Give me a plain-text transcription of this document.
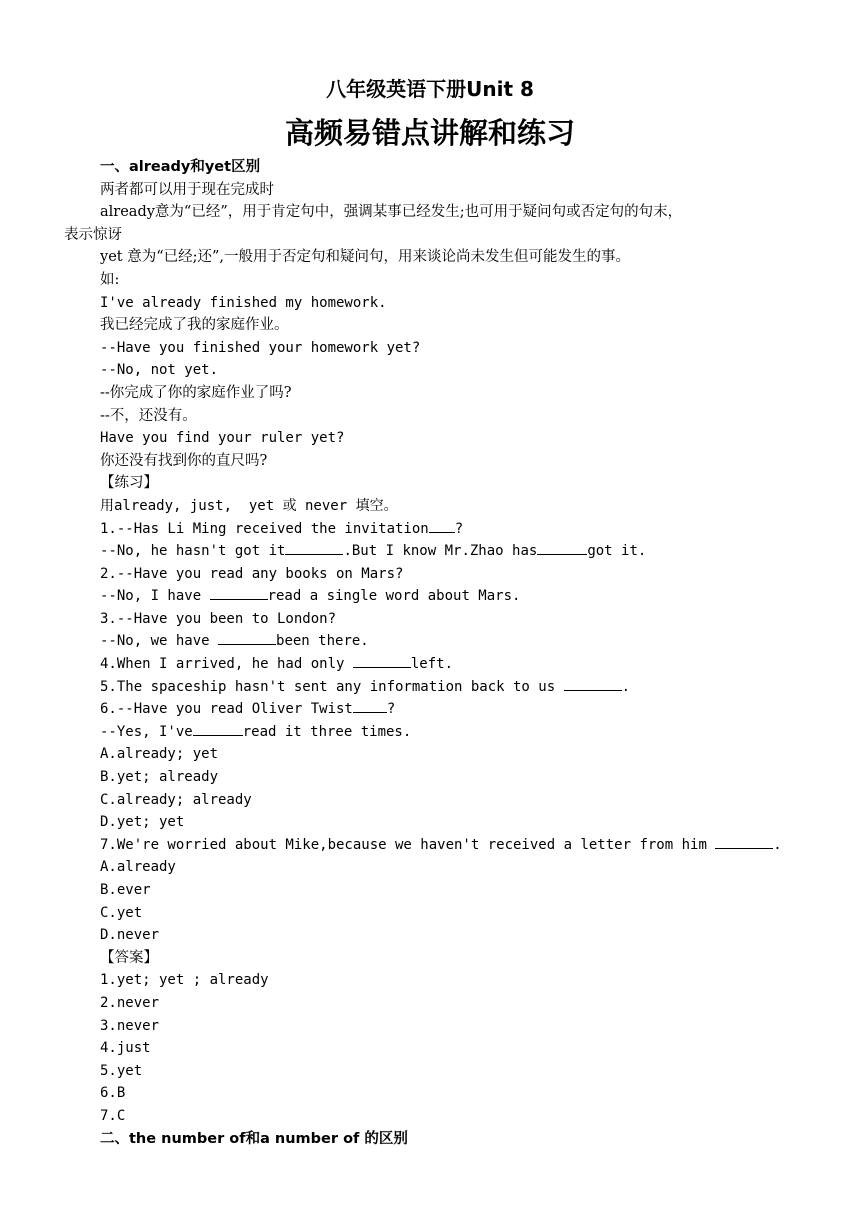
八年级英语下册Unit 8
高频易错点讲解和练习
一、already和yet区别
两者都可以用于现在完成时
already意为“已经”，用于肯定句中，强调某事已经发生;也可用于疑问句或否定句的句末，
表示惊讶
yet 意为“已经;还”,一般用于否定句和疑问句，用来谈论尚未发生但可能发生的事。
如:
I've already finished my homework.
我已经完成了我的家庭作业。
--Have you finished your homework yet?
--No, not yet.
--你完成了你的家庭作业了吗?
--不，还没有。
Have you find your ruler yet?
你还没有找到你的直尺吗?
【练习】
用already, just,  yet 或 never 填空。
1.--Has Li Ming received the invitation ?
--No, he hasn't got it	.But I know Mr.Zhao has	got it.
2.--Have you read any books on Mars?
--No, I have	read a single word about Mars.
3.--Have you been to London?
--No, we have	been there.
4.When I arrived, he had only	left.
5.The spaceship hasn't sent any information back to us	.
6.--Have you read Oliver Twist ?
--Yes, I've	read it three times.
A.already; yet
B.yet; already
C.already; already
D.yet; yet
7.We're worried about Mike,because we haven't received a letter from him	.
A.already
B.ever
C.yet
D.never
【答案】
1.yet; yet ; already
2.never
3.never
4.just
5.yet
6.B
7.C
二、the number of和a number of 的区别
